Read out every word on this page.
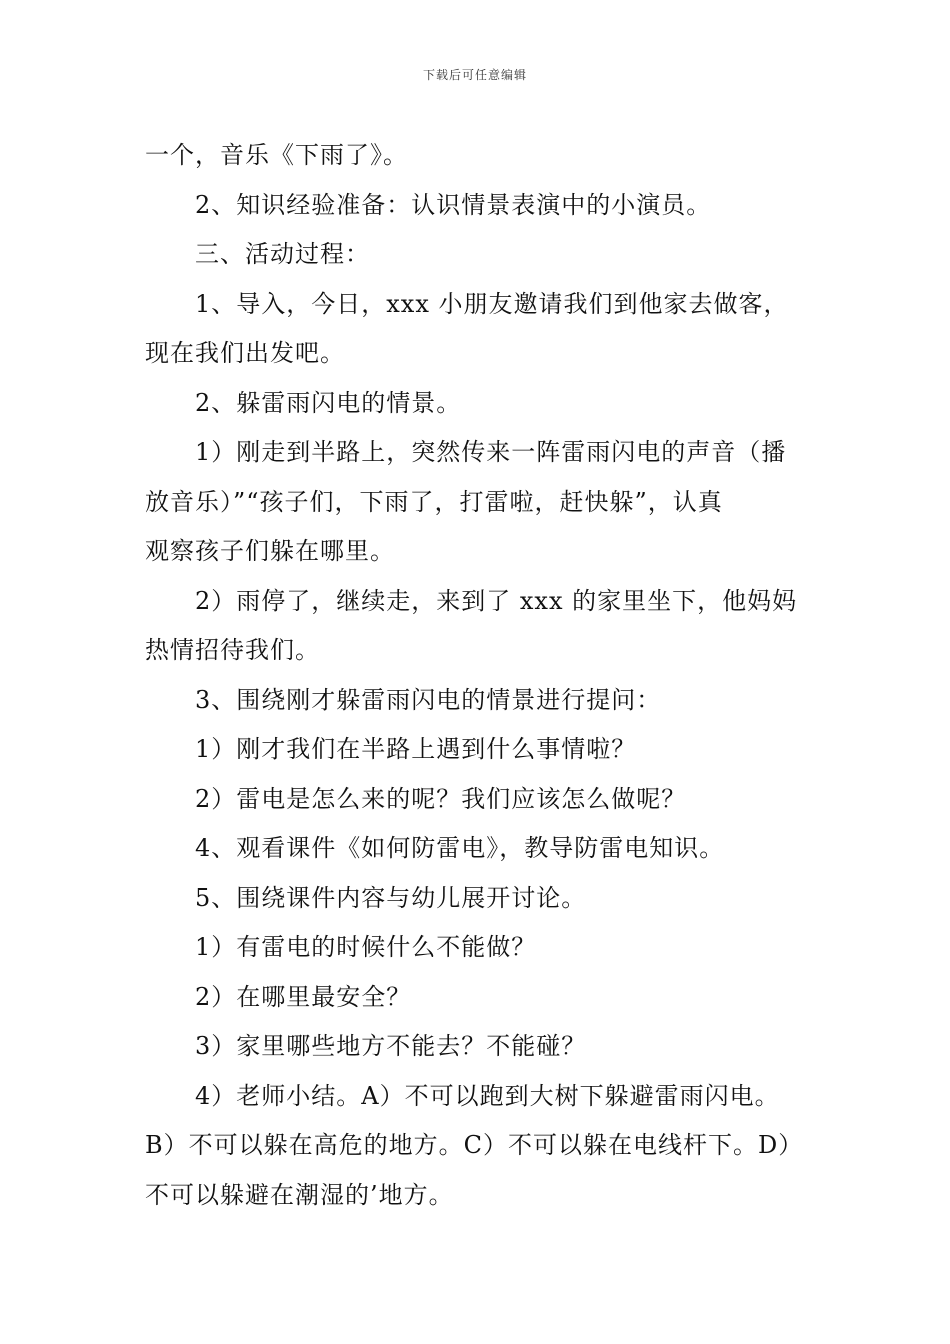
下载后可任意编辑
一个，音乐《下雨了》。
2、知识经验准备：认识情景表演中的小演员。
三、活动过程：
1、导入，今日，xxx 小朋友邀请我们到他家去做客，
现在我们出发吧。
2、躲雷雨闪电的情景。
1）刚走到半路上，突然传来一阵雷雨闪电的声音（播
放音乐）”“孩子们，下雨了，打雷啦，赶快躲”，认真
观察孩子们躲在哪里。
2）雨停了，继续走，来到了 xxx 的家里坐下，他妈妈
热情招待我们。
3、围绕刚才躲雷雨闪电的情景进行提问：
1）刚才我们在半路上遇到什么事情啦？
2）雷电是怎么来的呢？我们应该怎么做呢？
4、观看课件《如何防雷电》，教导防雷电知识。
5、围绕课件内容与幼儿展开讨论。
1）有雷电的时候什么不能做？
2）在哪里最安全？
3）家里哪些地方不能去？不能碰？
4）老师小结。A）不可以跑到大树下躲避雷雨闪电。
B）不可以躲在高危的地方。C）不可以躲在电线杆下。D）
不可以躲避在潮湿的’地方。
